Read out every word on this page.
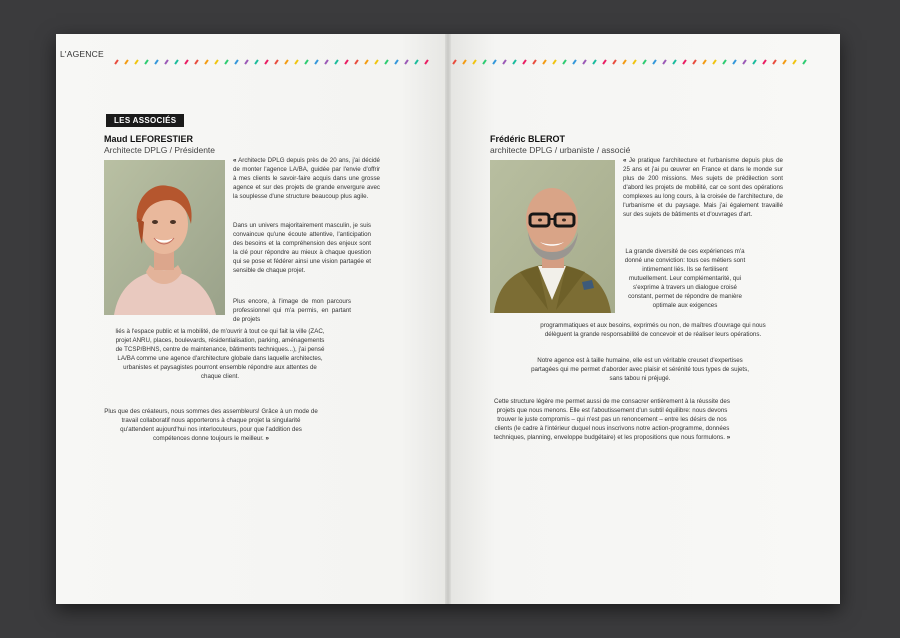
L'AGENCE
LES ASSOCIÉS
Maud LEFORESTIER
Architecte DPLG / Présidente
« Architecte DPLG depuis près de 20 ans, j'ai décidé de monter l'agence LA/BA, guidée par l'envie d'offrir à mes clients le savoir-faire acquis dans une grosse agence et sur des projets de grande envergure avec la souplesse d'une structure beaucoup plus agile.
Dans un univers majoritairement masculin, je suis convaincue qu'une écoute attentive, l'anticipation des besoins et la compréhension des enjeux sont la clé pour répondre au mieux à chaque question qui se pose et fédérer ainsi une vision partagée et sensible de chaque projet.
Plus encore, à l'image de mon parcours professionnel qui m'a permis, en partant de projets
liés à l'espace public et la mobilité, de m'ouvrir à tout ce qui fait la ville (ZAC, projet ANRU, places, boulevards, résidentialisation, parking, aménagements de TCSP/BHNS, centre de maintenance, bâtiments techniques...), j'ai pensé LA/BA comme une agence d'architecture globale dans laquelle architectes, urbanistes et paysagistes pourront ensemble répondre aux attentes de chaque client.
Plus que des créateurs, nous sommes des assembleurs! Grâce à un mode de travail collaboratif nous apporterons à chaque projet la singularité qu'attendent aujourd'hui nos interlocuteurs, pour que l'addition des compétences donne toujours le meilleur. »
Frédéric BLEROT
architecte DPLG / urbaniste / associé
« Je pratique l'architecture et l'urbanisme depuis plus de 25 ans et j'ai pu œuvrer en France et dans le monde sur plus de 200 missions. Mes sujets de prédilection sont d'abord les projets de mobilité, car ce sont des opérations complexes au long cours, à la croisée de l'architecture, de l'urbanisme et du paysage. Mais j'ai également travaillé sur des sujets de bâtiments et d'ouvrages d'art.
La grande diversité de ces expériences m'a donné une conviction: tous ces métiers sont intimement liés. Ils se fertilisent mutuellement. Leur complémentarité, qui s'exprime à travers un dialogue croisé constant, permet de répondre de manière optimale aux exigences
programmatiques et aux besoins, exprimés ou non, de maîtres d'ouvrage qui nous délèguent la grande responsabilité de concevoir et de réaliser leurs opérations.
Notre agence est à taille humaine, elle est un véritable creuset d'expertises partagées qui me permet d'aborder avec plaisir et sérénité tous types de sujets, sans tabou ni préjugé.
Cette structure légère me permet aussi de me consacrer entièrement à la réussite des projets que nous menons. Elle est l'aboutissement d'un subtil équilibre: nous devons trouver le juste compromis – qui n'est pas un renoncement – entre les désirs de nos clients (le cadre à l'intérieur duquel nous inscrivons notre action-programme, données techniques, planning, enveloppe budgétaire) et les propositions que nous formulons. »
